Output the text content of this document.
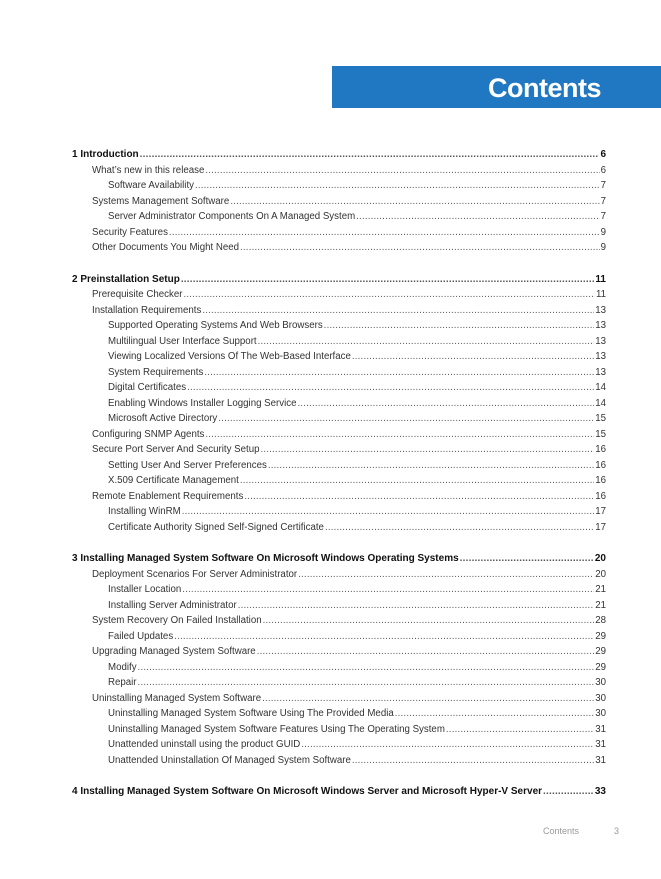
Contents
1 Introduction .....	6
What’s new in this release .....	6
Software Availability .....	7
Systems Management Software .....	7
Server Administrator Components On A Managed System .....	7
Security Features .....	9
Other Documents You Might Need .....	9
2 Preinstallation Setup .....	11
Prerequisite Checker .....	11
Installation Requirements .....	13
Supported Operating Systems And Web Browsers .....	13
Multilingual User Interface Support .....	13
Viewing Localized Versions Of The Web-Based Interface .....	13
System Requirements .....	13
Digital Certificates .....	14
Enabling Windows Installer Logging Service .....	14
Microsoft Active Directory .....	15
Configuring SNMP Agents .....	15
Secure Port Server And Security Setup .....	16
Setting User And Server Preferences .....	16
X.509 Certificate Management .....	16
Remote Enablement Requirements .....	16
Installing WinRM .....	17
Certificate Authority Signed Self-Signed Certificate .....	17
3 Installing Managed System Software On Microsoft Windows Operating Systems .....	20
Deployment Scenarios For Server Administrator .....	20
Installer Location .....	21
Installing Server Administrator .....	21
System Recovery On Failed Installation .....	28
Failed Updates .....	29
Upgrading Managed System Software .....	29
Modify .....	29
Repair .....	30
Uninstalling Managed System Software .....	30
Uninstalling Managed System Software Using The Provided Media .....	30
Uninstalling Managed System Software Features Using The Operating System .....	31
Unattended uninstall using the product GUID .....	31
Unattended Uninstallation Of Managed System Software .....	31
4 Installing Managed System Software On Microsoft Windows Server and Microsoft Hyper-V Server .....	33
Contents	3
